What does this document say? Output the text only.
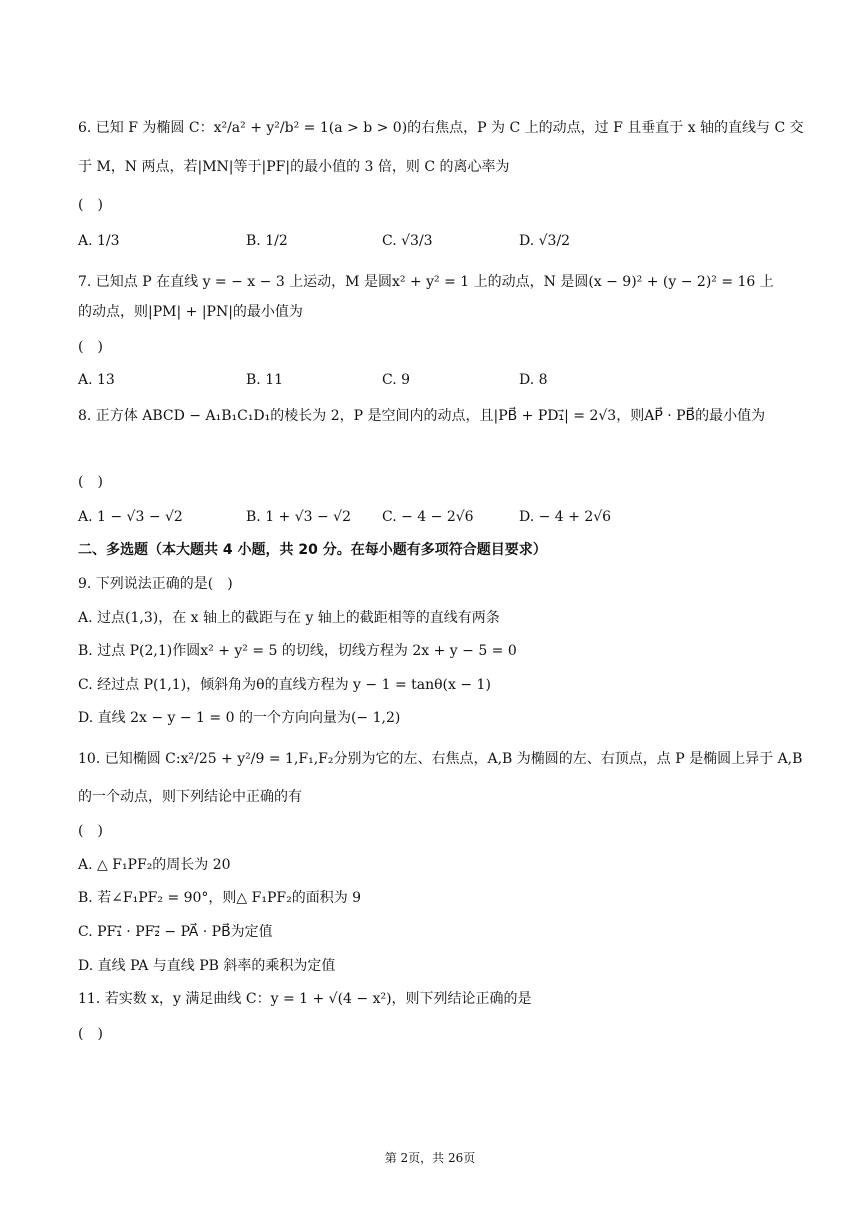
6. 已知 F 为椭圆 C：x²/a² + y²/b² = 1(a > b > 0)的右焦点，P 为 C 上的动点，过 F 且垂直于 x 轴的直线与 C 交
于 M，N 两点，若|MN|等于|PF|的最小值的 3 倍，则 C 的离心率为
(　)
A. 1/3	B. 1/2	C. √3/3	D. √3/2
7. 已知点 P 在直线 y = − x − 3 上运动，M 是圆x² + y² = 1 上的动点，N 是圆(x − 9)² + (y − 2)² = 16 上
的动点，则|PM| + |PN|的最小值为
(　)
A. 13	B. 11	C. 9	D. 8
8. 正方体 ABCD − A₁B₁C₁D₁的棱长为 2，P 是空间内的动点，且|PB⃗ + PD₁⃗| = 2√3，则AP⃗ · PB⃗的最小值为
(　)
A. 1 − √3 − √2	B. 1 + √3 − √2 C. − 4 − 2√6	D. − 4 + 2√6
二、多选题（本大题共 4 小题，共 20 分。在每小题有多项符合题目要求）
9. 下列说法正确的是(　)
A. 过点(1,3)，在 x 轴上的截距与在 y 轴上的截距相等的直线有两条
B. 过点 P(2,1)作圆x² + y² = 5 的切线，切线方程为 2x + y − 5 = 0
C. 经过点 P(1,1)，倾斜角为θ的直线方程为 y − 1 = tanθ(x − 1)
D. 直线 2x − y − 1 = 0 的一个方向向量为(− 1,2)
10. 已知椭圆 C:x²/25 + y²/9 = 1,F₁,F₂分别为它的左、右焦点，A,B 为椭圆的左、右顶点，点 P 是椭圆上异于 A,B
的一个动点，则下列结论中正确的有
(　)
A. △ F₁PF₂的周长为 20
B. 若∠F₁PF₂ = 90°，则△ F₁PF₂的面积为 9
C. PF₁⃗ · PF₂⃗ − PA⃗ · PB⃗为定值
D. 直线 PA 与直线 PB 斜率的乘积为定值
11. 若实数 x，y 满足曲线 C：y = 1 + √(4 − x²)，则下列结论正确的是
(　)
第 2页，共 26页
